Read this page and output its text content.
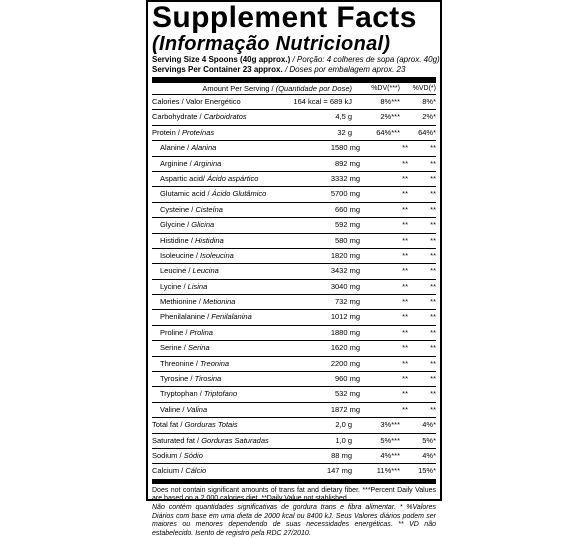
Supplement Facts
(Informação Nutricional)
Serving Size 4 Spoons (40g approx.) / Porção: 4 colheres de sopa (aprox. 40g)
Servings Per Container 23 approx. / Doses por embalagem aprox. 23
Amount Per Serving / (Quantidade por Dose)	%DV(***)	%VD(*)
Calories / Valor Energético	164 kcal = 689 kJ	8%***	8%*
Carbohydrate / Carboidratos	4,5 g	2%***	2%*
Protein / Proteínas	32 g	64%***	64%*
Alanine / Alanina	1580 mg	**	**
Arginine / Arginina	892 mg	**	**
Aspartic acid/ Ácido aspártico	3332 mg	**	**
Glutamic acid / Ácido Glutâmico	5700 mg	**	**
Cysteine / Cisteína	660 mg	**	**
Glycine / Glicina	592 mg	**	**
Histidine / Histidina	580 mg	**	**
Isoleucine / Isoleucina	1820 mg	**	**
Leucine / Leucina	3432 mg	**	**
Lycine / Lisina	3040 mg	**	**
Methionine / Metionina	732 mg	**	**
Phenilalanine / Fenilalanina	1012 mg	**	**
Proline / Prolina	1880 mg	**	**
Serine / Serina	1620 mg	**	**
Threonine / Treonina	2200 mg	**	**
Tyrosine / Tirosina	960 mg	**	**
Tryptophan / Triptofano	532 mg	**	**
Valine / Valina	1872 mg	**	**
Total fat / Gorduras Totais	2,0 g	3%***	4%*
Saturated fat / Gorduras Saturadas	1,0 g	5%***	5%*
Sodium / Sódio	88 mg	4%***	4%*
Calcium / Cálcio	147 mg	11%***	15%*
Does not contain significant amounts of trans fat and dietary fiber. ***Percent Daily Values are based on a 2,000 calories diet. **Daily Value not stablished.
Não contém quantidades significativas de gordura trans e fibra alimentar. * %Valores Diários com base em uma dieta de 2000 kcal ou 8400 kJ. Seus Valores diários podem ser maiores ou menores dependendo de suas necessidades energéticas. ** VD não estabelecido. Isento de registro pela RDC 27/2010.
